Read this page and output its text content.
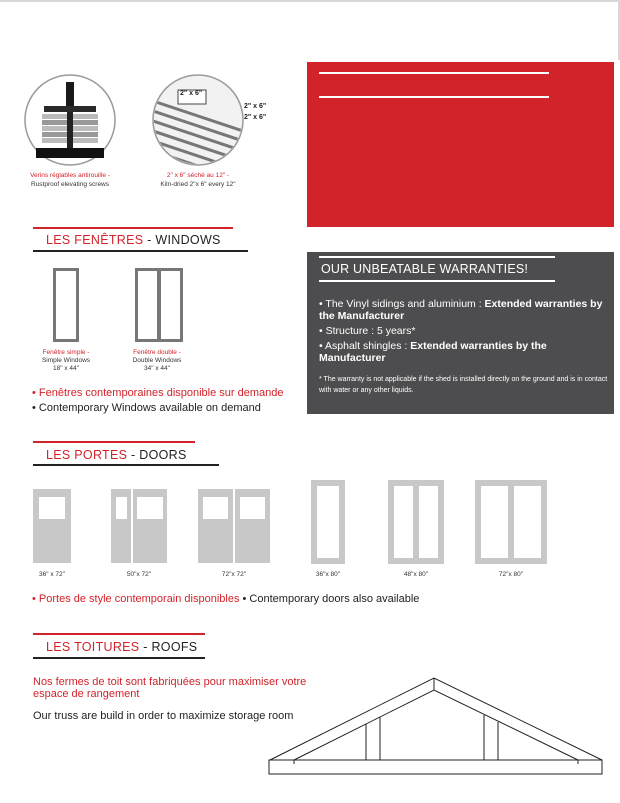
Verins réglables antirouille -
Rustproof elevating screws
2" x 6"
2" x 6"
2" x 6"
2" x 6" séché au 12" -
Kiln-dried 2"x 6" every 12"
NOS GARANTIES IMBATTABLES!
• Le vinyle et les composantes en aluminium : Garantie par le fournisseur
• Structure : 5 ans*
• Bardeaux d'asphalte : Garantie par le fournisseur
* La garantie ne s'applique pas si la remise est posée directement sur le sol et si la structure est en contact avec l'eau ou tout produit soluble.
OUR UNBEATABLE WARRANTIES!
• The Vinyl sidings and aluminium : Extended warranties by the Manufacturer
• Structure : 5 years*
• Asphalt shingles : Extended warranties by the Manufacturer
* The warranty is not applicable if the shed is installed directly on the ground and is in contact with water or any other liquids.
LES FENÊTRES - WINDOWS
Fenêtre simple -
Simple Windows
18" x 44"
Fenêtre double -
Double Windows
34" x 44"
• Fenêtres contemporaines disponible sur demande
• Contemporary Windows available on demand
LES PORTES - DOORS
36" x 72"	50"x 72"	72"x 72"	36"x 80"	48"x 80"	72"x 80"
• Portes de style contemporain disponibles • Contemporary doors also available
LES TOITURES - ROOFS
Nos fermes de toit sont fabriquées pour maximiser votre espace de rangement
Our truss are build in order to maximize storage room
